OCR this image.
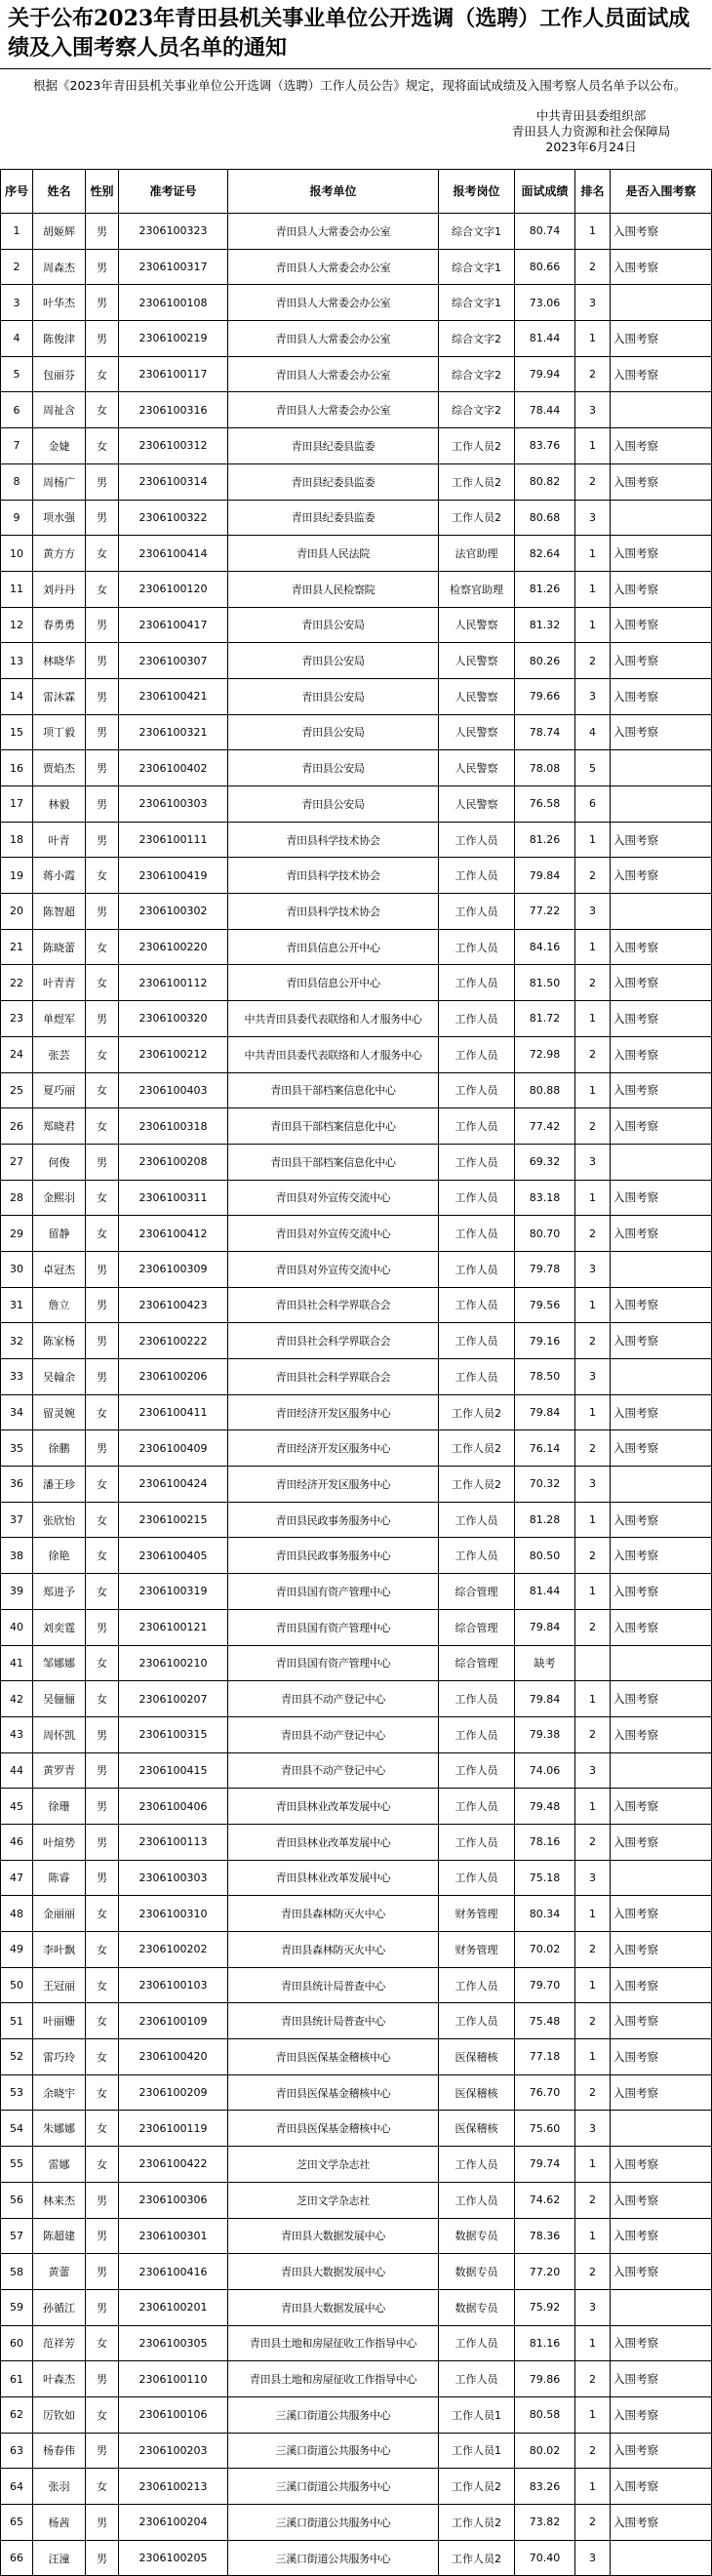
关于公布2023年青田县机关事业单位公开选调（选聘）工作人员面试成绩及入围考察人员名单的通知
根据《2023年青田县机关事业单位公开选调（选聘）工作人员公告》规定，现将面试成绩及入围考察人员名单予以公布。
中共青田县委组织部
青田县人力资源和社会保障局
2023年6月24日
序号	姓名	性别	准考证号	报考单位	报考岗位	面试成绩	排名	是否入围考察
1	胡姬辉	男	2306100323	青田县人大常委会办公室	综合文字1	80.74	1	入围考察
2	周森杰	男	2306100317	青田县人大常委会办公室	综合文字1	80.66	2	入围考察
3	叶华杰	男	2306100108	青田县人大常委会办公室	综合文字1	73.06	3	
4	陈俊津	男	2306100219	青田县人大常委会办公室	综合文字2	81.44	1	入围考察
5	包丽芬	女	2306100117	青田县人大常委会办公室	综合文字2	79.94	2	入围考察
6	周祉含	女	2306100316	青田县人大常委会办公室	综合文字2	78.44	3	
7	金婕	女	2306100312	青田县纪委县监委	工作人员2	83.76	1	入围考察
8	周杨广	男	2306100314	青田县纪委县监委	工作人员2	80.82	2	入围考察
9	项水强	男	2306100322	青田县纪委县监委	工作人员2	80.68	3	
10	黄方方	女	2306100414	青田县人民法院	法官助理	82.64	1	入围考察
11	刘丹丹	女	2306100120	青田县人民检察院	检察官助理	81.26	1	入围考察
12	春勇勇	男	2306100417	青田县公安局	人民警察	81.32	1	入围考察
13	林晓华	男	2306100307	青田县公安局	人民警察	80.26	2	入围考察
14	雷沐霖	男	2306100421	青田县公安局	人民警察	79.66	3	入围考察
15	项丁毅	男	2306100321	青田县公安局	人民警察	78.74	4	入围考察
16	贾焰杰	男	2306100402	青田县公安局	人民警察	78.08	5	
17	林毅	男	2306100303	青田县公安局	人民警察	76.58	6	
18	叶青	男	2306100111	青田县科学技术协会	工作人员	81.26	1	入围考察
19	蒋小霞	女	2306100419	青田县科学技术协会	工作人员	79.84	2	入围考察
20	陈智超	男	2306100302	青田县科学技术协会	工作人员	77.22	3	
21	陈晓蕾	女	2306100220	青田县信息公开中心	工作人员	84.16	1	入围考察
22	叶青青	女	2306100112	青田县信息公开中心	工作人员	81.50	2	入围考察
23	单煜军	男	2306100320	中共青田县委代表联络和人才服务中心	工作人员	81.72	1	入围考察
24	张芸	女	2306100212	中共青田县委代表联络和人才服务中心	工作人员	72.98	2	入围考察
25	夏巧丽	女	2306100403	青田县干部档案信息化中心	工作人员	80.88	1	入围考察
26	郑晓君	女	2306100318	青田县干部档案信息化中心	工作人员	77.42	2	入围考察
27	何俊	男	2306100208	青田县干部档案信息化中心	工作人员	69.32	3	
28	金熙羽	女	2306100311	青田县对外宣传交流中心	工作人员	83.18	1	入围考察
29	留静	女	2306100412	青田县对外宣传交流中心	工作人员	80.70	2	入围考察
30	卓冠杰	男	2306100309	青田县对外宣传交流中心	工作人员	79.78	3	
31	詹立	男	2306100423	青田县社会科学界联合会	工作人员	79.56	1	入围考察
32	陈家杨	男	2306100222	青田县社会科学界联合会	工作人员	79.16	2	入围考察
33	吴翰余	男	2306100206	青田县社会科学界联合会	工作人员	78.50	3	
34	留灵婉	女	2306100411	青田经济开发区服务中心	工作人员2	79.84	1	入围考察
35	徐鹏	男	2306100409	青田经济开发区服务中心	工作人员2	76.14	2	入围考察
36	潘王珍	女	2306100424	青田经济开发区服务中心	工作人员2	70.32	3	
37	张欣怡	女	2306100215	青田县民政事务服务中心	工作人员	81.28	1	入围考察
38	徐艳	女	2306100405	青田县民政事务服务中心	工作人员	80.50	2	入围考察
39	郑进予	女	2306100319	青田县国有资产管理中心	综合管理	81.44	1	入围考察
40	刘奕霆	男	2306100121	青田县国有资产管理中心	综合管理	79.84	2	入围考察
41	邹娜娜	女	2306100210	青田县国有资产管理中心	综合管理	缺考		
42	吴俪俪	女	2306100207	青田县不动产登记中心	工作人员	79.84	1	入围考察
43	周怀凯	男	2306100315	青田县不动产登记中心	工作人员	79.38	2	入围考察
44	黄罗青	男	2306100415	青田县不动产登记中心	工作人员	74.06	3	
45	徐珊	男	2306100406	青田县林业改革发展中心	工作人员	79.48	1	入围考察
46	叶煊势	男	2306100113	青田县林业改革发展中心	工作人员	78.16	2	入围考察
47	陈睿	男	2306100303	青田县林业改革发展中心	工作人员	75.18	3	
48	金丽丽	女	2306100310	青田县森林防灭火中心	财务管理	80.34	1	入围考察
49	李叶飘	女	2306100202	青田县森林防灭火中心	财务管理	70.02	2	入围考察
50	王冠丽	女	2306100103	青田县统计局普查中心	工作人员	79.70	1	入围考察
51	叶丽姗	女	2306100109	青田县统计局普查中心	工作人员	75.48	2	入围考察
52	雷巧玲	女	2306100420	青田县医保基金稽核中心	医保稽核	77.18	1	入围考察
53	余晓宇	女	2306100209	青田县医保基金稽核中心	医保稽核	76.70	2	入围考察
54	朱娜娜	女	2306100119	青田县医保基金稽核中心	医保稽核	75.60	3	
55	雷娜	女	2306100422	芝田文学杂志社	工作人员	79.74	1	入围考察
56	林来杰	男	2306100306	芝田文学杂志社	工作人员	74.62	2	入围考察
57	陈超建	男	2306100301	青田县大数据发展中心	数据专员	78.36	1	入围考察
58	黄蕾	男	2306100416	青田县大数据发展中心	数据专员	77.20	2	入围考察
59	孙循江	男	2306100201	青田县大数据发展中心	数据专员	75.92	3	
60	范祥芳	女	2306100305	青田县土地和房屋征收工作指导中心	工作人员	81.16	1	入围考察
61	叶森杰	男	2306100110	青田县土地和房屋征收工作指导中心	工作人员	79.86	2	入围考察
62	厉钦如	女	2306100106	三溪口街道公共服务中心	工作人员1	80.58	1	入围考察
63	杨春伟	男	2306100203	三溪口街道公共服务中心	工作人员1	80.02	2	入围考察
64	张羽	女	2306100213	三溪口街道公共服务中心	工作人员2	83.26	1	入围考察
65	杨茜	男	2306100204	三溪口街道公共服务中心	工作人员2	73.82	2	入围考察
66	汪潼	男	2306100205	三溪口街道公共服务中心	工作人员2	70.40	3	
